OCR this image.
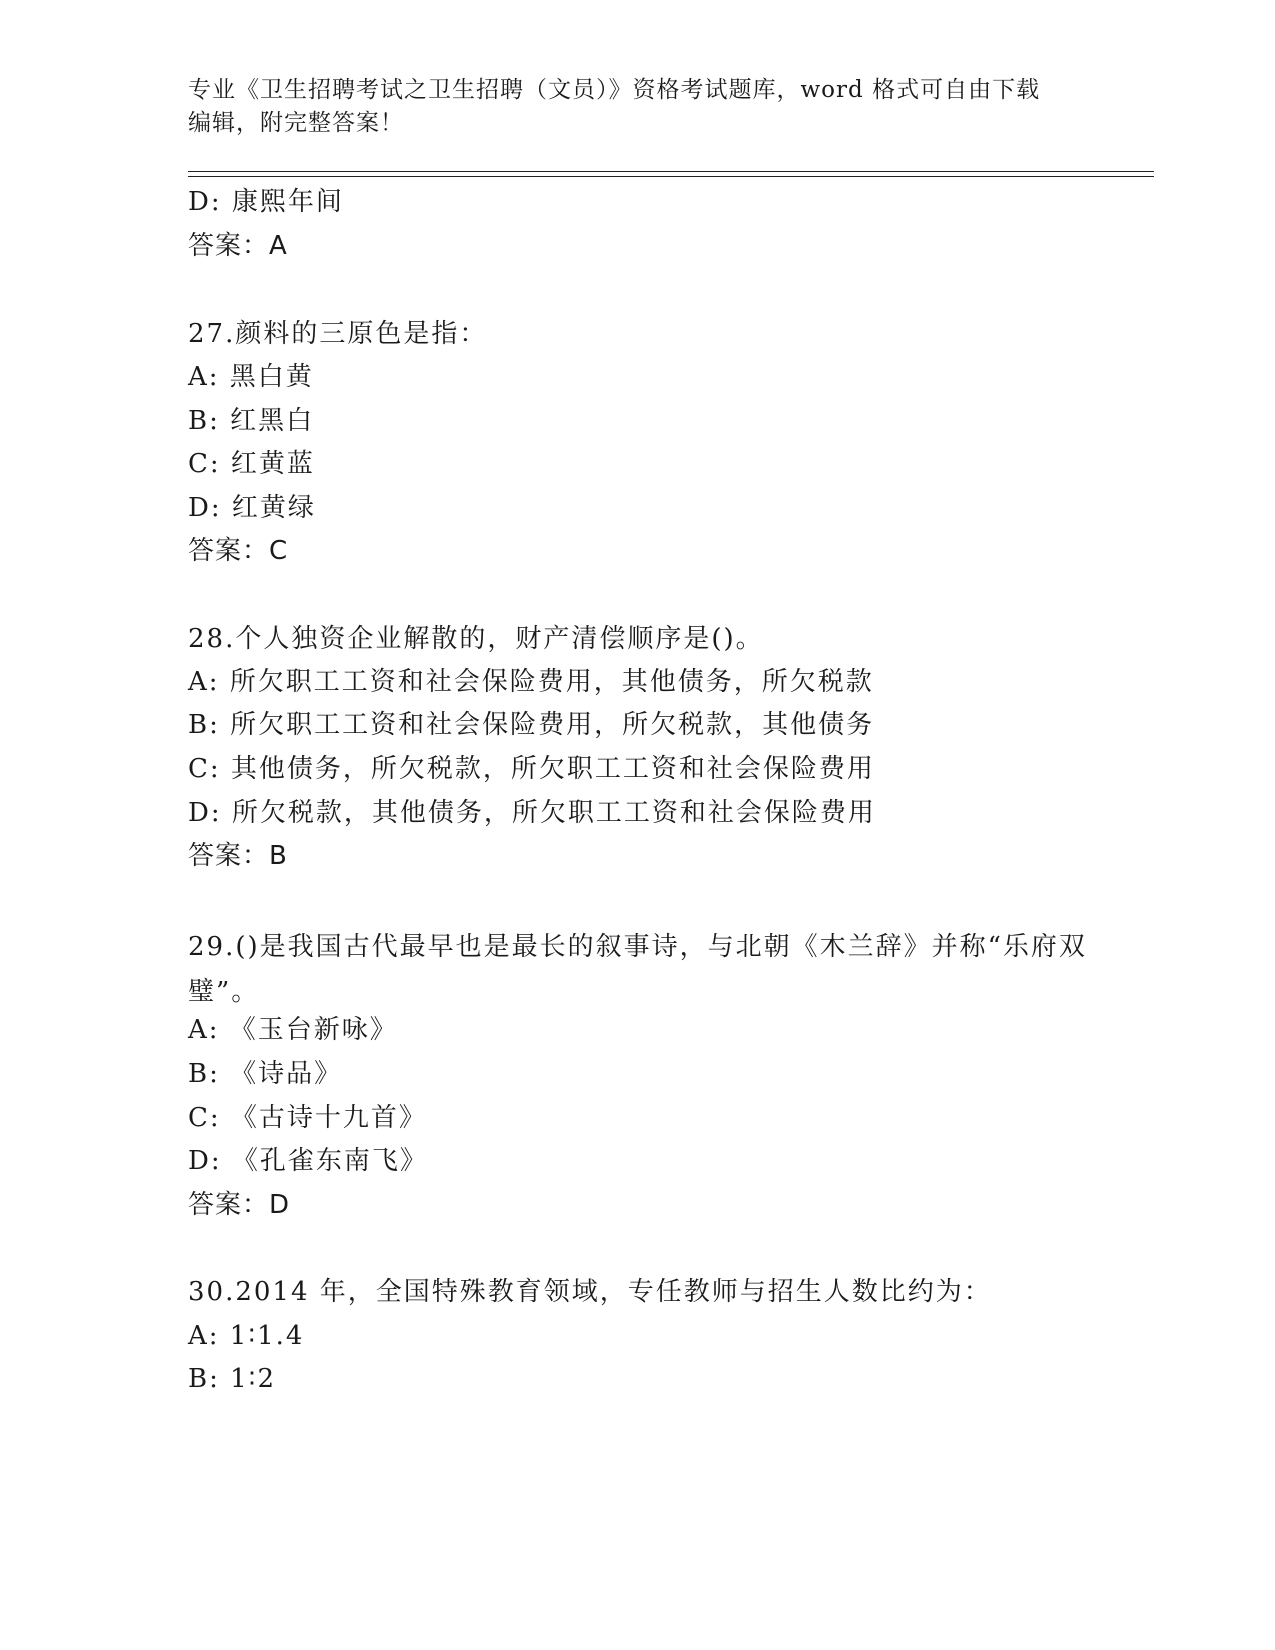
专业《卫生招聘考试之卫生招聘（文员）》资格考试题库，word 格式可自由下载
编辑，附完整答案！
D: 康熙年间
答案：A
27.颜料的三原色是指：
A: 黑白黄
B: 红黑白
C: 红黄蓝
D: 红黄绿
答案：C
28.个人独资企业解散的，财产清偿顺序是()。
A: 所欠职工工资和社会保险费用，其他债务，所欠税款
B: 所欠职工工资和社会保险费用，所欠税款，其他债务
C: 其他债务，所欠税款，所欠职工工资和社会保险费用
D: 所欠税款，其他债务，所欠职工工资和社会保险费用
答案：B
29.()是我国古代最早也是最长的叙事诗，与北朝《木兰辞》并称“乐府双璧”。
A: 《玉台新咏》
B: 《诗品》
C: 《古诗十九首》
D: 《孔雀东南飞》
答案：D
30.2014 年，全国特殊教育领域，专任教师与招生人数比约为：
A: 1∶1.4
B: 1∶2
